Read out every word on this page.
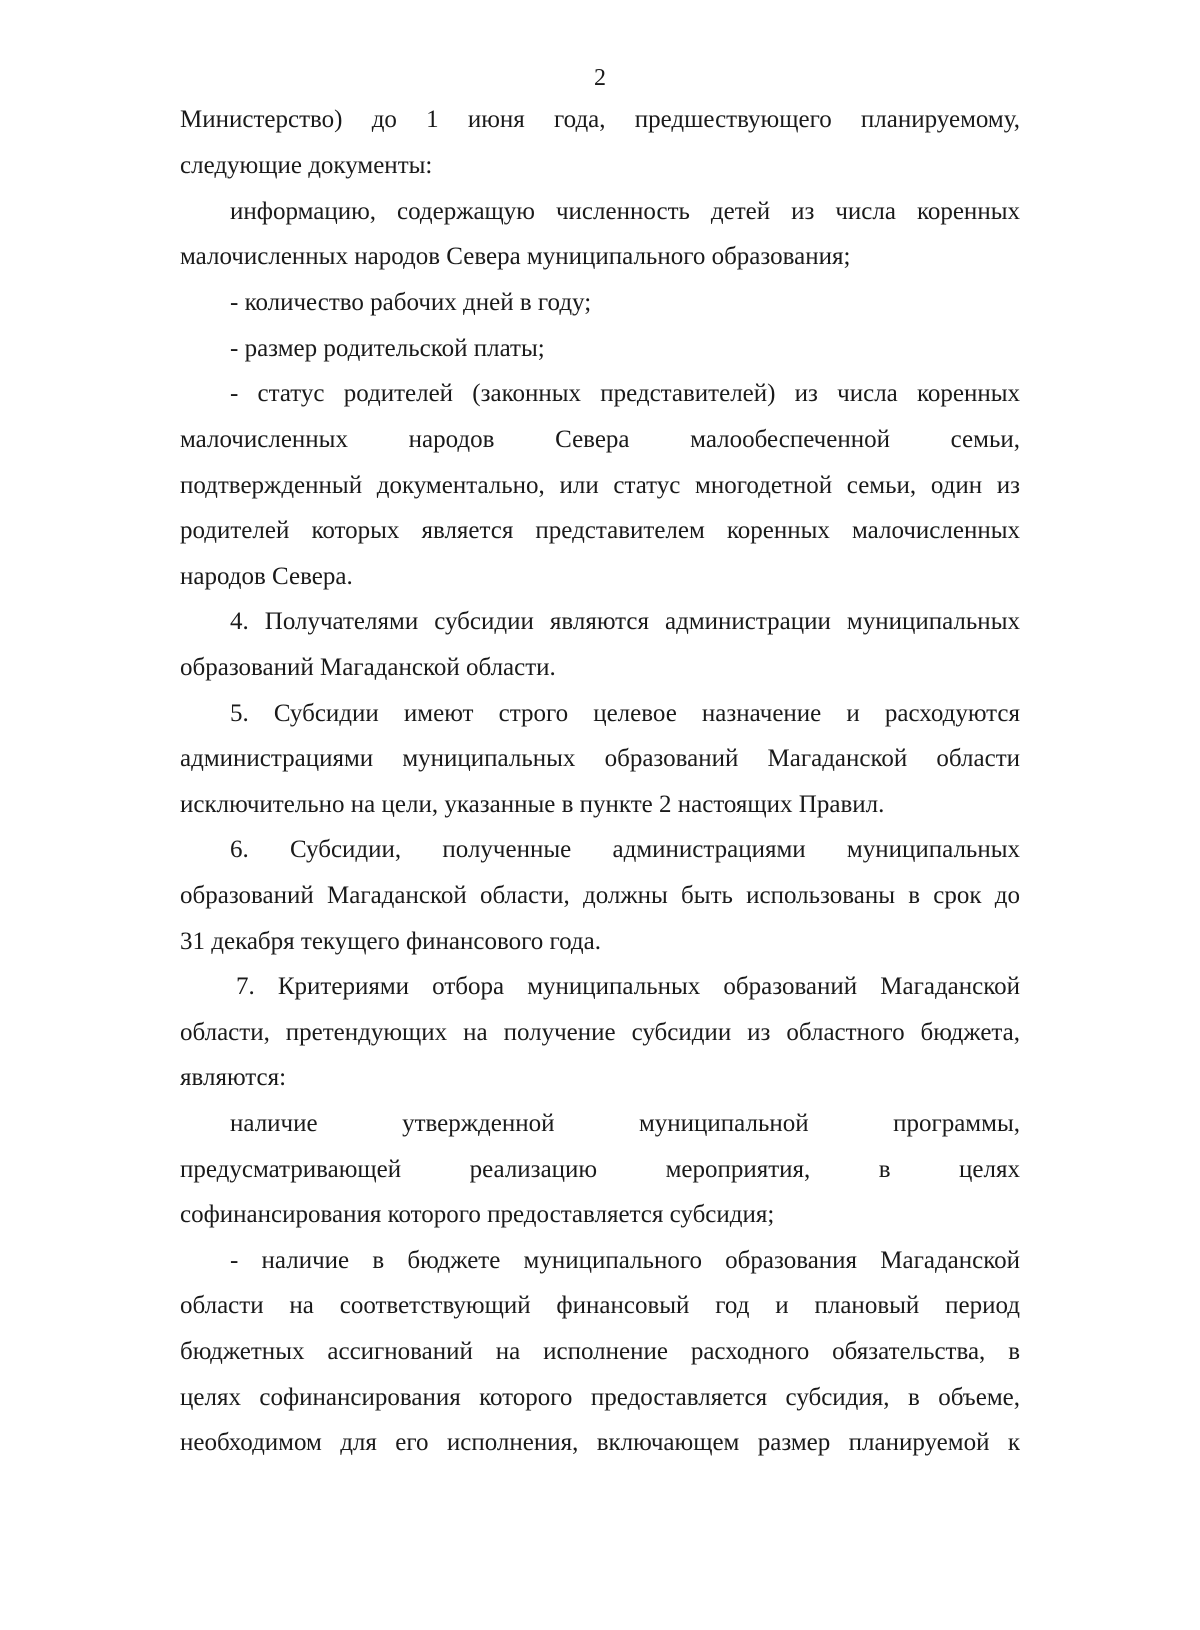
2
Министерство) до 1 июня года, предшествующего планируемому,
следующие документы:
информацию, содержащую численность детей из числа коренных
малочисленных народов Севера муниципального образования;
- количество рабочих дней в году;
- размер родительской платы;
- статус родителей (законных представителей) из числа коренных
малочисленных народов Севера малообеспеченной семьи,
подтвержденный документально, или статус многодетной семьи, один из
родителей которых является представителем коренных малочисленных
народов Севера.
4. Получателями субсидии являются администрации муниципальных
образований Магаданской области.
5. Субсидии имеют строго целевое назначение и расходуются
администрациями муниципальных образований Магаданской области
исключительно на цели, указанные в пункте 2 настоящих Правил.
6. Субсидии, полученные администрациями муниципальных
образований Магаданской области, должны быть использованы в срок до
31 декабря текущего финансового года.
7. Критериями отбора муниципальных образований Магаданской
области, претендующих на получение субсидии из областного бюджета,
являются:
наличие утвержденной муниципальной программы,
предусматривающей реализацию мероприятия, в целях
софинансирования которого предоставляется субсидия;
- наличие в бюджете муниципального образования Магаданской
области на соответствующий финансовый год и плановый период
бюджетных ассигнований на исполнение расходного обязательства, в
целях софинансирования которого предоставляется субсидия, в объеме,
необходимом для его исполнения, включающем размер планируемой к
